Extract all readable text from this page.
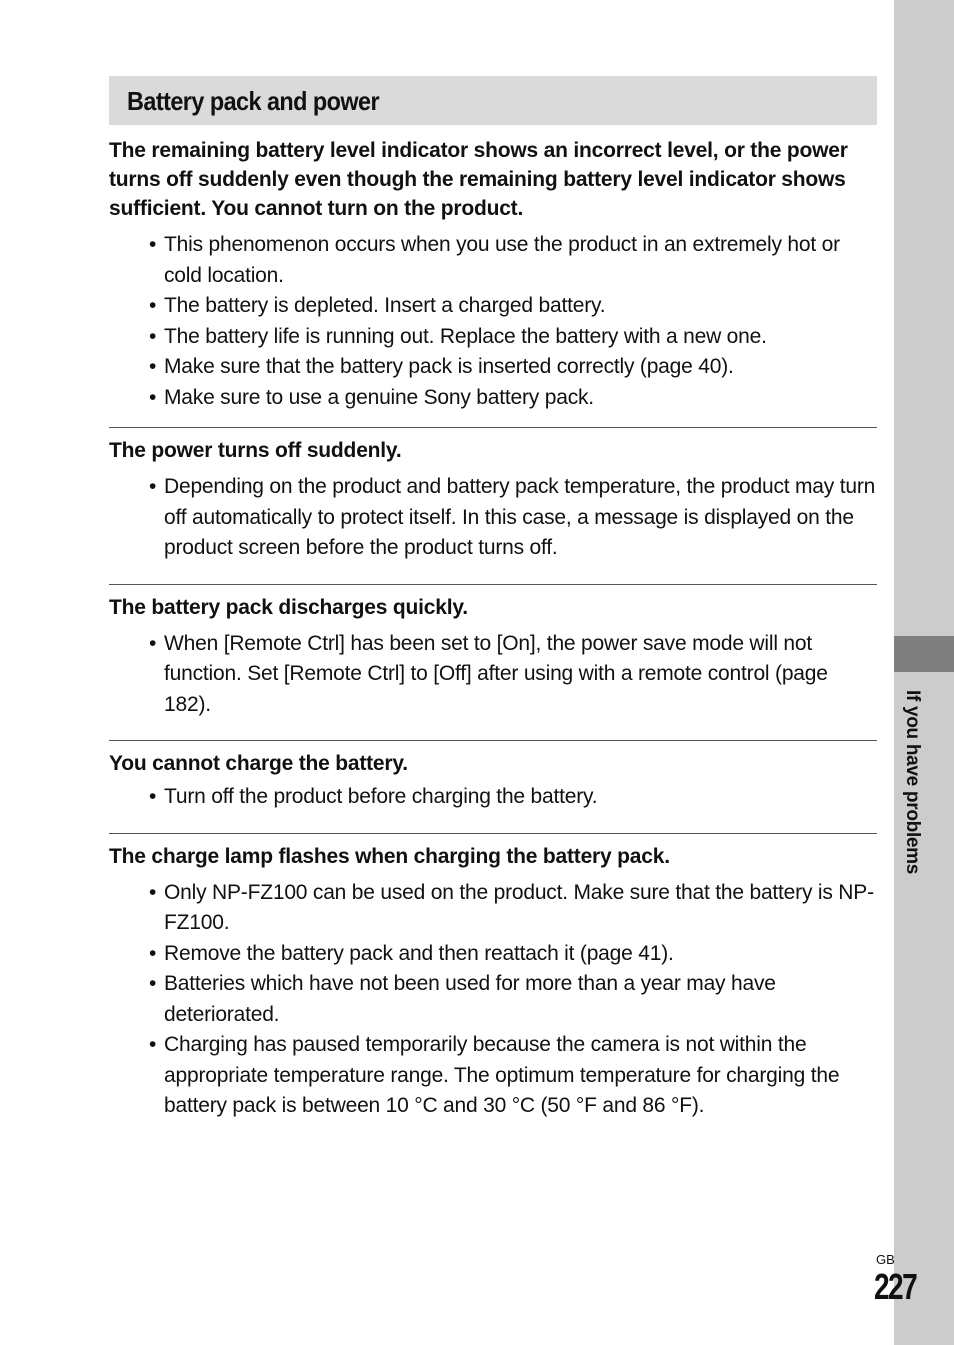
If you have problems
Battery pack and power

The remaining battery level indicator shows an incorrect level, or the power turns off suddenly even though the remaining battery level indicator shows sufficient. You cannot turn on the product.

• This phenomenon occurs when you use the product in an extremely hot or cold location.
• The battery is depleted. Insert a charged battery.
• The battery life is running out. Replace the battery with a new one.
• Make sure that the battery pack is inserted correctly (page 40).
• Make sure to use a genuine Sony battery pack.

The power turns off suddenly.

• Depending on the product and battery pack temperature, the product may turn off automatically to protect itself. In this case, a message is displayed on the product screen before the product turns off.

The battery pack discharges quickly.

• When [Remote Ctrl] has been set to [On], the power save mode will not function. Set [Remote Ctrl] to [Off] after using with a remote control (page 182).

You cannot charge the battery.

• Turn off the product before charging the battery.

The charge lamp flashes when charging the battery pack.

• Only NP-FZ100 can be used on the product. Make sure that the battery is NP-FZ100.
• Remove the battery pack and then reattach it (page 41).
• Batteries which have not been used for more than a year may have deteriorated.
• Charging has paused temporarily because the camera is not within the appropriate temperature range. The optimum temperature for charging the battery pack is between 10 °C and 30 °C (50 °F and 86 °F).
GB
227
